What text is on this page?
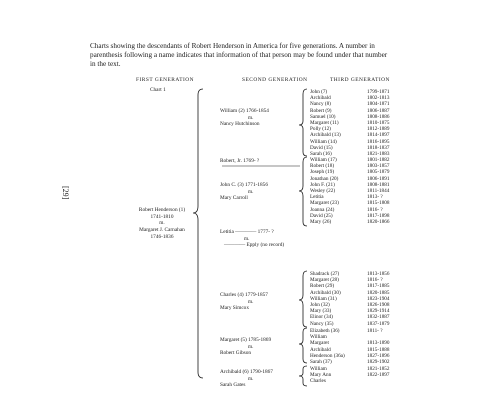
Charts showing the descendants of Robert Henderson in America for five generations. A number in
parenthesis following a name indicates that information of that person may be found under that number
in the text.
FIRST GENERATION	SECOND GENERATION	THIRD GENERATION
Chart 1
[29]
Robert Henderson (1)
1741-1810
m.
Margaret J. Carnahan
1746-1836
William (2) 1766-1854
m.
Nancy Hutchinson
Robert, Jr. 1769- ?
John C. (3) 1771-1856
m.
Mary Carroll
Letitia ———— 1777- ?
m.
———— Epply (no record)
Charles (4) 1779-1857
m.
Mary Simcox
Margaret (5) 1785-1869
m.
Robert Gibson
Archibald (6) 1790-1867
m.
Sarah Gates
John (7)	1799-1871
Archibald	1802-1813
Nancy (8)	1804-1871
Robert (9)	1806-1887
Samuel (10)	1808-1886
Margaret (11)	1810-1875
Polly (12)	1812-1889
Archibald (13)	1814-1897
William (14)	1816-1895
David (15)	1818-1837
Sarah (16)	1821-1883
William (17)	1801-1882
Robert (18)	1803-1857
Joseph (19)	1805-1879
Jonathan (20)	1806-1891
John F. (21)	1808-1881
Wesley (22)	1811-1844
Letitia	1813- ?
Margaret (23)	1815-1808
Joanna (24)	1816- ?
David (25)	1817-1898
Mary (26)	1820-1866
Shadrack (27)	1813-1856
Margaret (28)	1816- ?
Robert (29)	1817-1885
Archibald (30)	1820-1885
William (31)	1823-1904
John (32)	1826-1908
Mary (33)	1829-1914
Elinor (34)	1832-1887
Nancy (35)	1837-1879
Elizabeth (36)	1811- ?
William
Margaret	1813-1890
Archibald	1815-1888
Henderson (36a)	1827-1896
Sarah (37)	1829-1902
William	1821-1852
Mary Ann	1822-1897
Charles
